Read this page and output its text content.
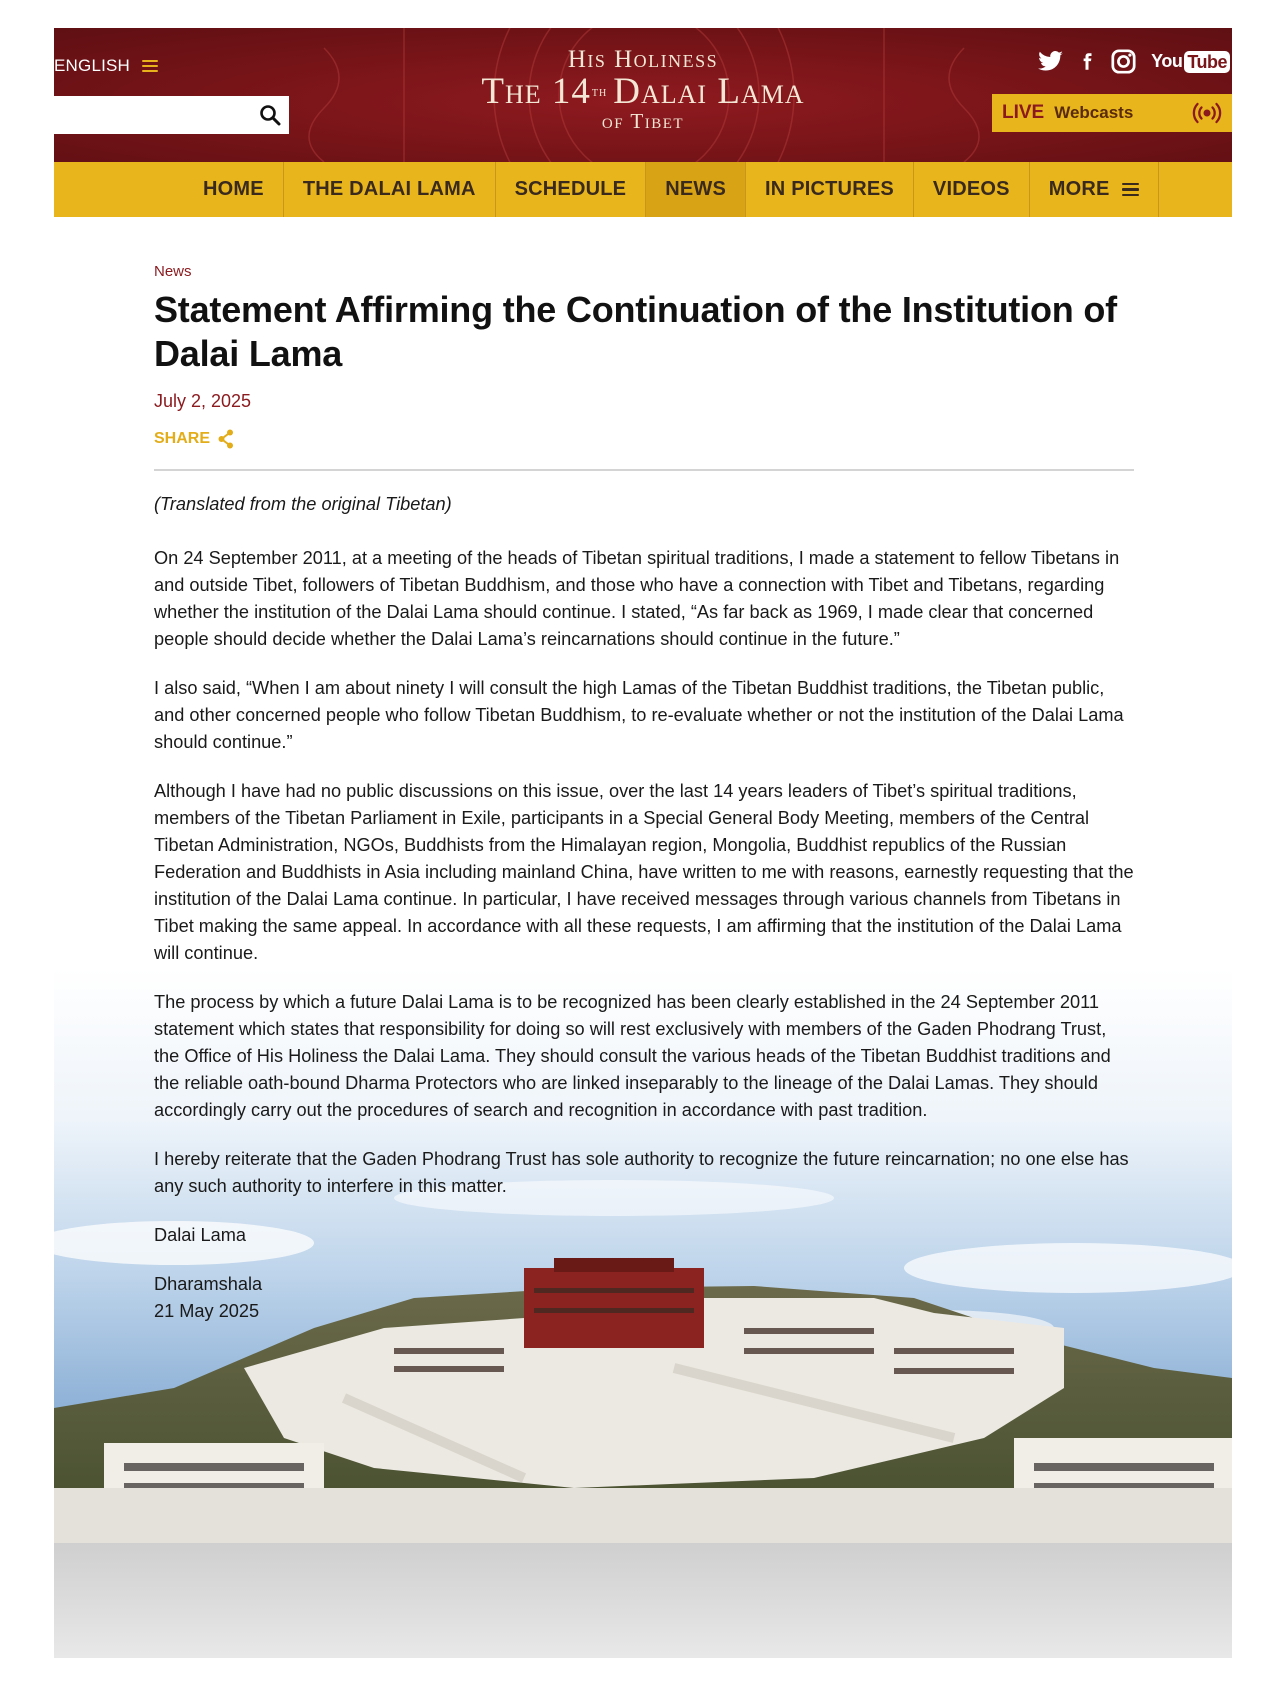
ENGLISH	His Holiness
The 14th Dalai Lama
of Tibet
You Tube
LIVE Webcasts
HOME	THE DALAI LAMA	SCHEDULE	NEWS	IN PICTURES	VIDEOS	MORE
News
Statement Affirming the Continuation of the Institution of Dalai Lama
July 2, 2025
SHARE

(Translated from the original Tibetan)

On 24 September 2011, at a meeting of the heads of Tibetan spiritual traditions, I made a statement to fellow Tibetans in and outside Tibet, followers of Tibetan Buddhism, and those who have a connection with Tibet and Tibetans, regarding whether the institution of the Dalai Lama should continue. I stated, “As far back as 1969, I made clear that concerned people should decide whether the Dalai Lama’s reincarnations should continue in the future.”

I also said, “When I am about ninety I will consult the high Lamas of the Tibetan Buddhist traditions, the Tibetan public, and other concerned people who follow Tibetan Buddhism, to re-evaluate whether or not the institution of the Dalai Lama should continue.”

Although I have had no public discussions on this issue, over the last 14 years leaders of Tibet’s spiritual traditions, members of the Tibetan Parliament in Exile, participants in a Special General Body Meeting, members of the Central Tibetan Administration, NGOs, Buddhists from the Himalayan region, Mongolia, Buddhist republics of the Russian Federation and Buddhists in Asia including mainland China, have written to me with reasons, earnestly requesting that the institution of the Dalai Lama continue. In particular, I have received messages through various channels from Tibetans in Tibet making the same appeal. In accordance with all these requests, I am affirming that the institution of the Dalai Lama will continue.

The process by which a future Dalai Lama is to be recognized has been clearly established in the 24 September 2011 statement which states that responsibility for doing so will rest exclusively with members of the Gaden Phodrang Trust, the Office of His Holiness the Dalai Lama. They should consult the various heads of the Tibetan Buddhist traditions and the reliable oath-bound Dharma Protectors who are linked inseparably to the lineage of the Dalai Lamas. They should accordingly carry out the procedures of search and recognition in accordance with past tradition.

I hereby reiterate that the Gaden Phodrang Trust has sole authority to recognize the future reincarnation; no one else has any such authority to interfere in this matter.

Dalai Lama

Dharamshala
21 May 2025
